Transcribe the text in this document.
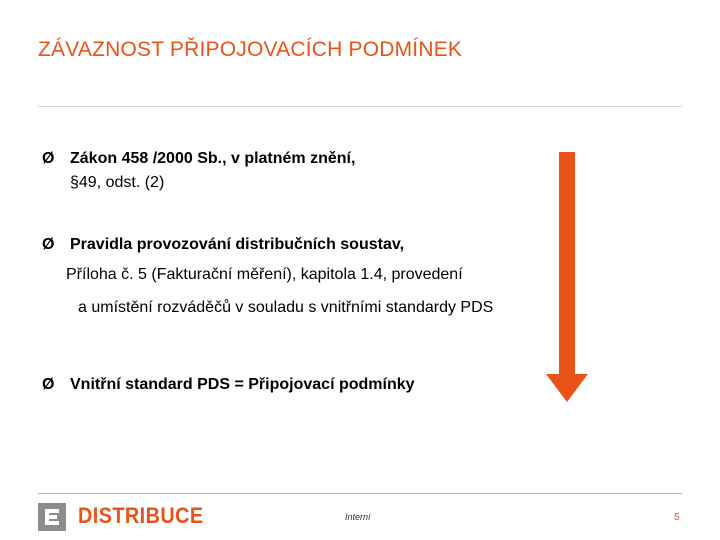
ZÁVAZNOST PŘIPOJOVACÍCH PODMÍNEK
Ø Zákon 458 /2000 Sb., v platném znění,
§49, odst. (2)
Ø Pravidla provozování distribučních soustav,
Příloha č. 5 (Fakturační měření), kapitola 1.4, provedení
a umístění rozváděčů v souladu s vnitřními standardy PDS
Ø Vnitřní standard PDS = Připojovací podmínky
DISTRIBUCE	Interní	5
